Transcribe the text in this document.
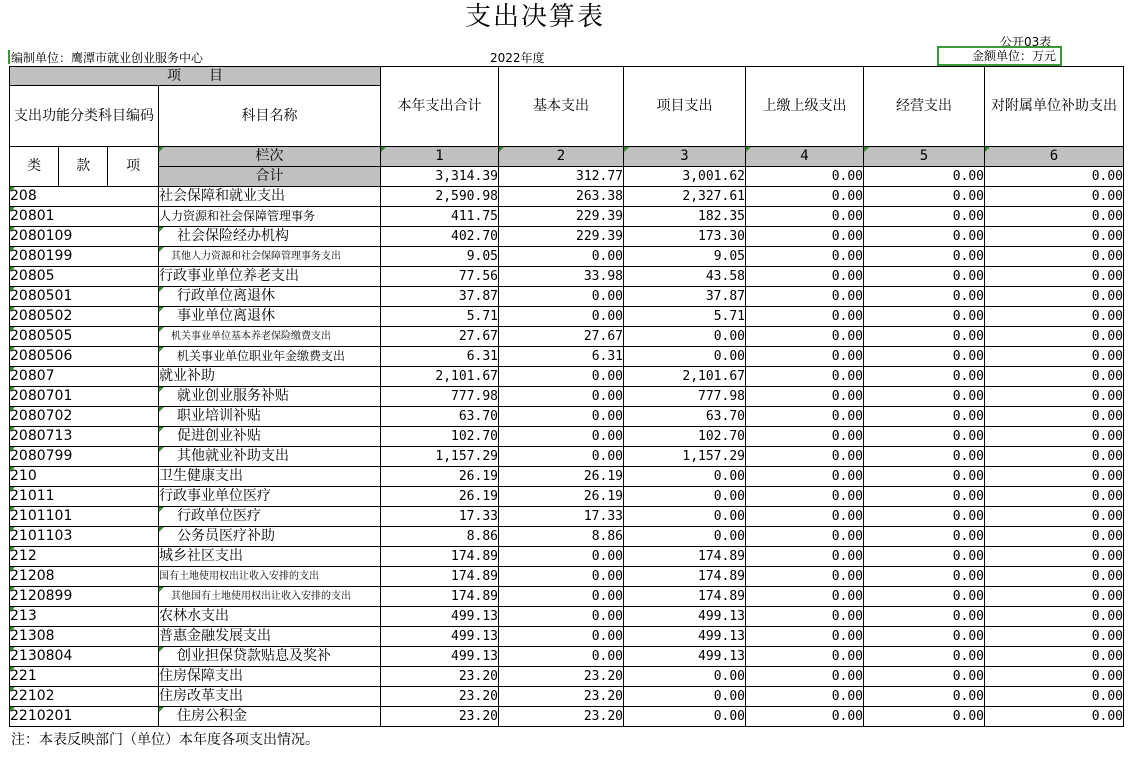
支出决算表
公开03表
编制单位：鹰潭市就业创业服务中心	2022年度	金额单位：万元
项　　目				本年支出合计	基本支出	项目支出	上缴上级支出	经营支出	对附属单位补助支出
支出功能分类科目编码			科目名称						

类	款	项	栏次	1	2	3	4	5	6
			合计	3,314.39	312.77	3,001.62	0.00	0.00	0.00

208			社会保障和就业支出	2,590.98	263.38	2,327.61	0.00	0.00	0.00

20801			人力资源和社会保障管理事务	411.75	229.39	182.35	0.00	0.00	0.00

2080109			社会保险经办机构	402.70	229.39	173.30	0.00	0.00	0.00

2080199			其他人力资源和社会保障管理事务支出	9.05	0.00	9.05	0.00	0.00	0.00

20805			行政事业单位养老支出	77.56	33.98	43.58	0.00	0.00	0.00

2080501			行政单位离退休	37.87	0.00	37.87	0.00	0.00	0.00

2080502			事业单位离退休	5.71	0.00	5.71	0.00	0.00	0.00

2080505			机关事业单位基本养老保险缴费支出	27.67	27.67	0.00	0.00	0.00	0.00

2080506			机关事业单位职业年金缴费支出	6.31	6.31	0.00	0.00	0.00	0.00

20807			就业补助	2,101.67	0.00	2,101.67	0.00	0.00	0.00

2080701			就业创业服务补贴	777.98	0.00	777.98	0.00	0.00	0.00

2080702			职业培训补贴	63.70	0.00	63.70	0.00	0.00	0.00

2080713			促进创业补贴	102.70	0.00	102.70	0.00	0.00	0.00

2080799			其他就业补助支出	1,157.29	0.00	1,157.29	0.00	0.00	0.00

210			卫生健康支出	26.19	26.19	0.00	0.00	0.00	0.00

21011			行政事业单位医疗	26.19	26.19	0.00	0.00	0.00	0.00

2101101			行政单位医疗	17.33	17.33	0.00	0.00	0.00	0.00

2101103			公务员医疗补助	8.86	8.86	0.00	0.00	0.00	0.00

212			城乡社区支出	174.89	0.00	174.89	0.00	0.00	0.00

21208			国有土地使用权出让收入安排的支出	174.89	0.00	174.89	0.00	0.00	0.00

2120899			其他国有土地使用权出让收入安排的支出	174.89	0.00	174.89	0.00	0.00	0.00

213			农林水支出	499.13	0.00	499.13	0.00	0.00	0.00

21308			普惠金融发展支出	499.13	0.00	499.13	0.00	0.00	0.00

2130804			创业担保贷款贴息及奖补	499.13	0.00	499.13	0.00	0.00	0.00

221			住房保障支出	23.20	23.20	0.00	0.00	0.00	0.00

22102			住房改革支出	23.20	23.20	0.00	0.00	0.00	0.00

2210201			住房公积金	23.20	23.20	0.00	0.00	0.00	0.00
注：本表反映部门（单位）本年度各项支出情况。
